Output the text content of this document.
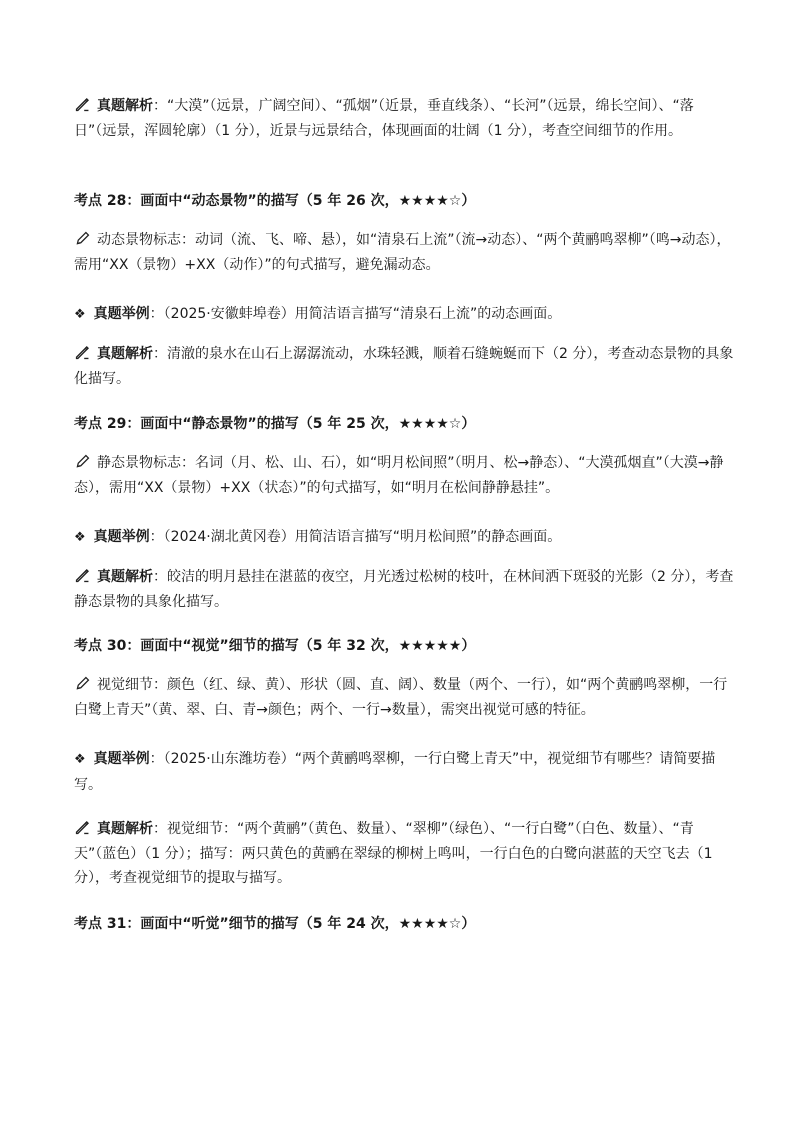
真题解析：“大漠”（远景，广阔空间）、“孤烟”（近景，垂直线条）、“长河”（远景，绵长空间）、“落日”（远景，浑圆轮廓）（1 分），近景与远景结合，体现画面的壮阔（1 分），考查空间细节的作用。

考点 28：画面中“动态景物”的描写（5 年 26 次，★★★★☆）

动态景物标志：动词（流、飞、啼、悬），如“清泉石上流”（流→动态）、“两个黄鹂鸣翠柳”（鸣→动态），需用“XX（景物）+XX（动作）”的句式描写，避免漏动态。

❖ 真题举例：（2025·安徽蚌埠卷）用简洁语言描写“清泉石上流”的动态画面。

真题解析：清澈的泉水在山石上潺潺流动，水珠轻溅，顺着石缝蜿蜒而下（2 分），考查动态景物的具象化描写。

考点 29：画面中“静态景物”的描写（5 年 25 次，★★★★☆）

静态景物标志：名词（月、松、山、石），如“明月松间照”（明月、松→静态）、“大漠孤烟直”（大漠→静态），需用“XX（景物）+XX（状态）”的句式描写，如“明月在松间静静悬挂”。

❖ 真题举例：（2024·湖北黄冈卷）用简洁语言描写“明月松间照”的静态画面。

真题解析：皎洁的明月悬挂在湛蓝的夜空，月光透过松树的枝叶，在林间洒下斑驳的光影（2 分），考查静态景物的具象化描写。

考点 30：画面中“视觉”细节的描写（5 年 32 次，★★★★★）

视觉细节：颜色（红、绿、黄）、形状（圆、直、阔）、数量（两个、一行），如“两个黄鹂鸣翠柳，一行白鹭上青天”（黄、翠、白、青→颜色；两个、一行→数量），需突出视觉可感的特征。

❖ 真题举例：（2025·山东潍坊卷）“两个黄鹂鸣翠柳，一行白鹭上青天”中，视觉细节有哪些？请简要描写。

真题解析：视觉细节：“两个黄鹂”（黄色、数量）、“翠柳”（绿色）、“一行白鹭”（白色、数量）、“青天”（蓝色）（1 分）；描写：两只黄色的黄鹂在翠绿的柳树上鸣叫，一行白色的白鹭向湛蓝的天空飞去（1 分），考查视觉细节的提取与描写。

考点 31：画面中“听觉”细节的描写（5 年 24 次，★★★★☆）
